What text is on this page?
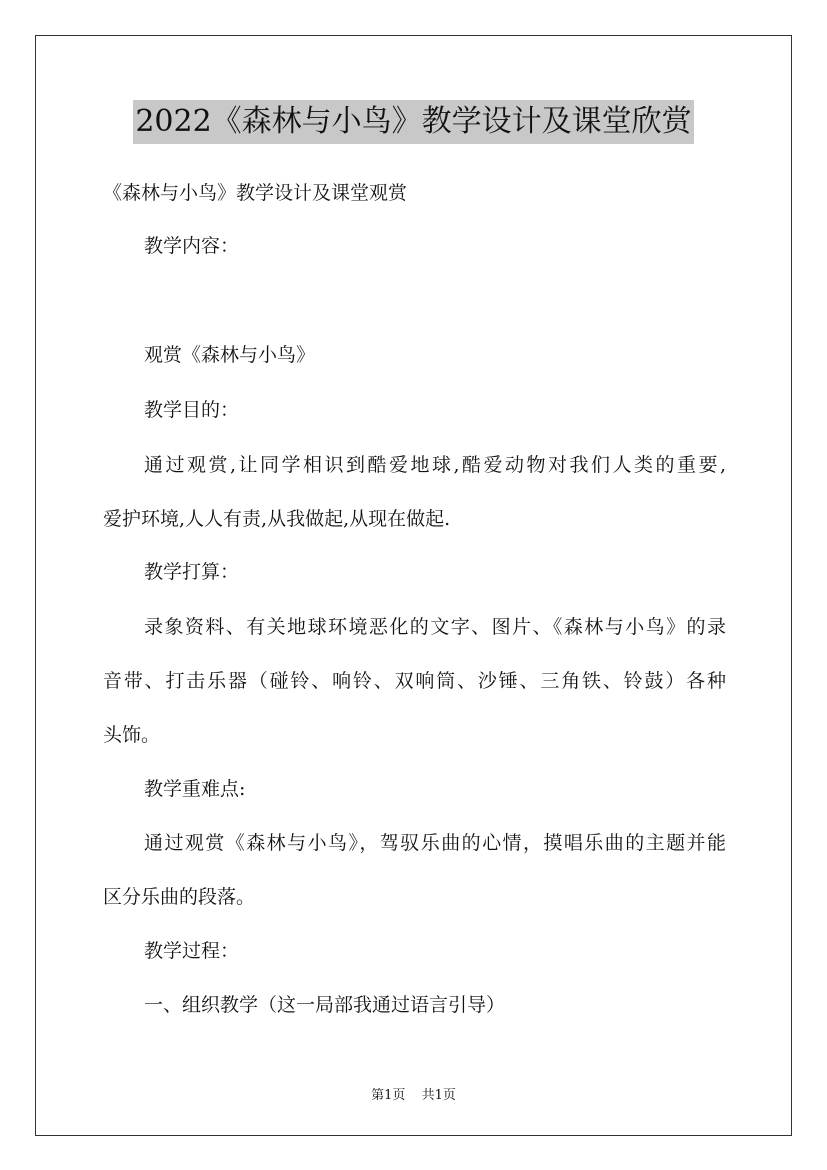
2022《森林与小鸟》教学设计及课堂欣赏
《森林与小鸟》教学设计及课堂观赏
教学内容：
观赏《森林与小鸟》
教学目的：
通过观赏,让同学相识到酷爱地球,酷爱动物对我们人类的重要,
爱护环境,人人有责,从我做起,从现在做起.
教学打算：
录象资料、有关地球环境恶化的文字、图片、《森林与小鸟》的录
音带、打击乐器（碰铃、响铃、双响筒、沙锤、三角铁、铃鼓）各种
头饰。
教学重难点:
通过观赏《森林与小鸟》，驾驭乐曲的心情，摸唱乐曲的主题并能
区分乐曲的段落。
教学过程：
一、组织教学（这一局部我通过语言引导）
第1页 共1页
